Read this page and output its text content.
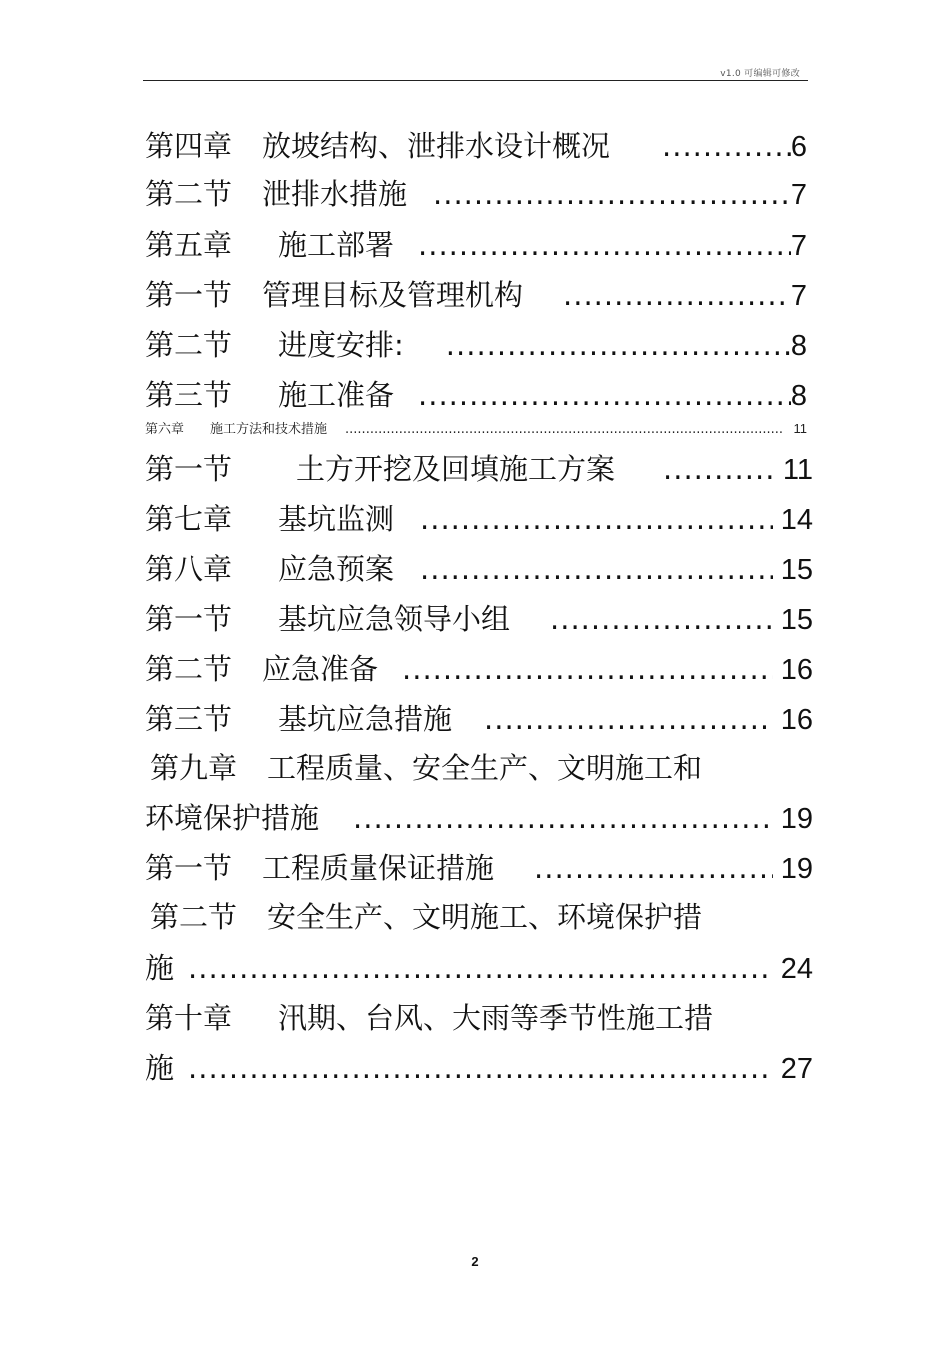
v1.0 可编辑可修改
第四章 放坡结构、泄排水设计概况 .....	6
第二节 泄排水措施 .....	7
第五章 施工部署 .....	7
第一节 管理目标及管理机构 .....	7
第二节 进度安排: .....	8
第三节 施工准备 .....	8
第六章 施工方法和技术措施 .....	11
第一节 土方开挖及回填施工方案 .....	11
第七章 基坑监测 .....	14
第八章 应急预案 .....	15
第一节 基坑应急领导小组 .....	15
第二节 应急准备 .....	16
第三节 基坑应急措施 .....	16
第九章 工程质量、安全生产、文明施工和
环境保护措施 .....	19
第一节 工程质量保证措施 .....	19
第二节 安全生产、文明施工、环境保护措
施 .....	24
第十章 汛期、台风、大雨等季节性施工措
施 .....	27
2
